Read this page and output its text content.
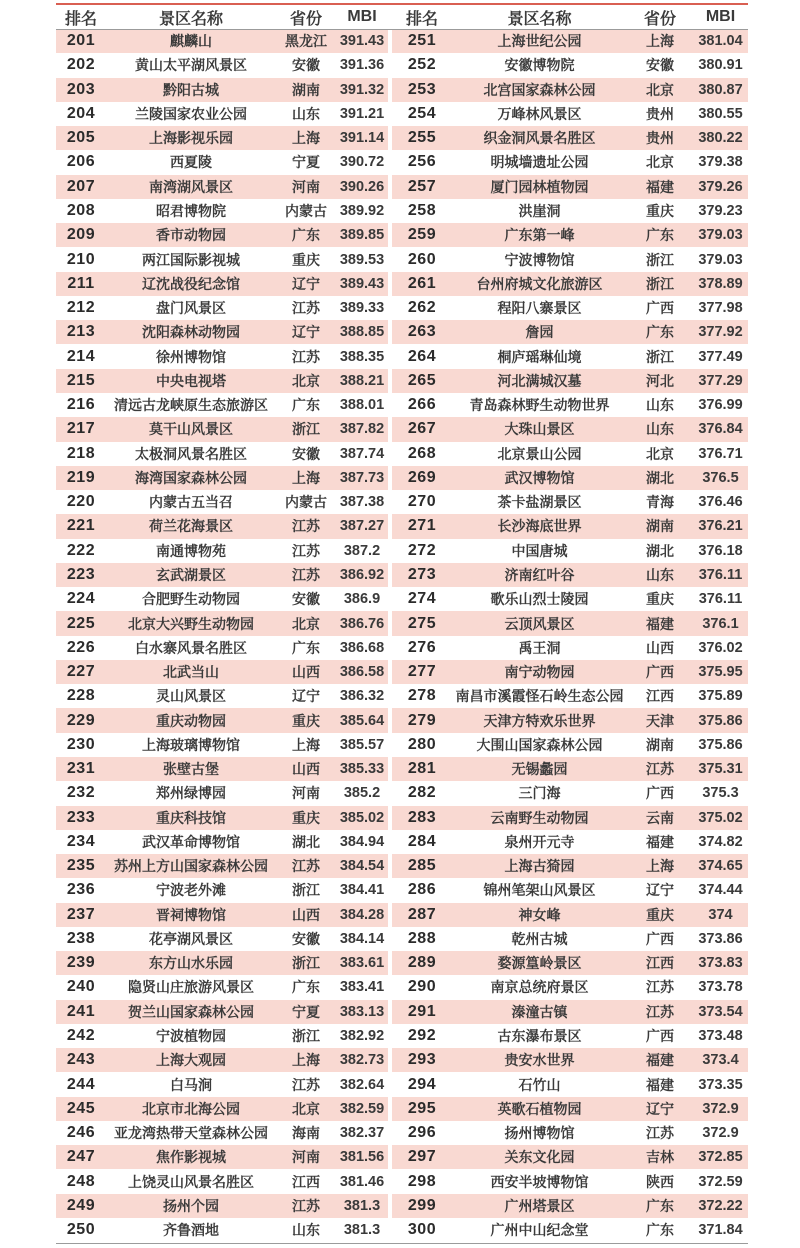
排名	景区名称	省份	MBI
201	麒麟山	黑龙江	391.43
202	黄山太平湖风景区	安徽	391.36
203	黔阳古城	湖南	391.32
204	兰陵国家农业公园	山东	391.21
205	上海影视乐园	上海	391.14
206	西夏陵	宁夏	390.72
207	南湾湖风景区	河南	390.26
208	昭君博物院	内蒙古	389.92
209	香市动物园	广东	389.85
210	两江国际影视城	重庆	389.53
211	辽沈战役纪念馆	辽宁	389.43
212	盘门风景区	江苏	389.33
213	沈阳森林动物园	辽宁	388.85
214	徐州博物馆	江苏	388.35
215	中央电视塔	北京	388.21
216	清远古龙峡原生态旅游区	广东	388.01
217	莫干山风景区	浙江	387.82
218	太极洞风景名胜区	安徽	387.74
219	海湾国家森林公园	上海	387.73
220	内蒙古五当召	内蒙古	387.38
221	荷兰花海景区	江苏	387.27
222	南通博物苑	江苏	387.2
223	玄武湖景区	江苏	386.92
224	合肥野生动物园	安徽	386.9
225	北京大兴野生动物园	北京	386.76
226	白水寨风景名胜区	广东	386.68
227	北武当山	山西	386.58
228	灵山风景区	辽宁	386.32
229	重庆动物园	重庆	385.64
230	上海玻璃博物馆	上海	385.57
231	张壁古堡	山西	385.33
232	郑州绿博园	河南	385.2
233	重庆科技馆	重庆	385.02
234	武汉革命博物馆	湖北	384.94
235	苏州上方山国家森林公园	江苏	384.54
236	宁波老外滩	浙江	384.41
237	晋祠博物馆	山西	384.28
238	花亭湖风景区	安徽	384.14
239	东方山水乐园	浙江	383.61
240	隐贤山庄旅游风景区	广东	383.41
241	贺兰山国家森林公园	宁夏	383.13
242	宁波植物园	浙江	382.92
243	上海大观园	上海	382.73
244	白马涧	江苏	382.64
245	北京市北海公园	北京	382.59
246	亚龙湾热带天堂森林公园	海南	382.37
247	焦作影视城	河南	381.56
248	上饶灵山风景名胜区	江西	381.46
249	扬州个园	江苏	381.3
250	齐鲁酒地	山东	381.3
排名	景区名称	省份	MBI
251	上海世纪公园	上海	381.04
252	安徽博物院	安徽	380.91
253	北宫国家森林公园	北京	380.87
254	万峰林风景区	贵州	380.55
255	织金洞风景名胜区	贵州	380.22
256	明城墙遗址公园	北京	379.38
257	厦门园林植物园	福建	379.26
258	洪崖洞	重庆	379.23
259	广东第一峰	广东	379.03
260	宁波博物馆	浙江	379.03
261	台州府城文化旅游区	浙江	378.89
262	程阳八寨景区	广西	377.98
263	詹园	广东	377.92
264	桐庐瑶琳仙境	浙江	377.49
265	河北满城汉墓	河北	377.29
266	青岛森林野生动物世界	山东	376.99
267	大珠山景区	山东	376.84
268	北京景山公园	北京	376.71
269	武汉博物馆	湖北	376.5
270	茶卡盐湖景区	青海	376.46
271	长沙海底世界	湖南	376.21
272	中国唐城	湖北	376.18
273	济南红叶谷	山东	376.11
274	歌乐山烈士陵园	重庆	376.11
275	云顶风景区	福建	376.1
276	禹王洞	山西	376.02
277	南宁动物园	广西	375.95
278	南昌市溪霞怪石岭生态公园	江西	375.89
279	天津方特欢乐世界	天津	375.86
280	大围山国家森林公园	湖南	375.86
281	无锡蠡园	江苏	375.31
282	三门海	广西	375.3
283	云南野生动物园	云南	375.02
284	泉州开元寺	福建	374.82
285	上海古猗园	上海	374.65
286	锦州笔架山风景区	辽宁	374.44
287	神女峰	重庆	374
288	乾州古城	广西	373.86
289	婺源篁岭景区	江西	373.83
290	南京总统府景区	江苏	373.78
291	溱潼古镇	江苏	373.54
292	古东瀑布景区	广西	373.48
293	贵安水世界	福建	373.4
294	石竹山	福建	373.35
295	英歌石植物园	辽宁	372.9
296	扬州博物馆	江苏	372.9
297	关东文化园	吉林	372.85
298	西安半坡博物馆	陕西	372.59
299	广州塔景区	广东	372.22
300	广州中山纪念堂	广东	371.84
